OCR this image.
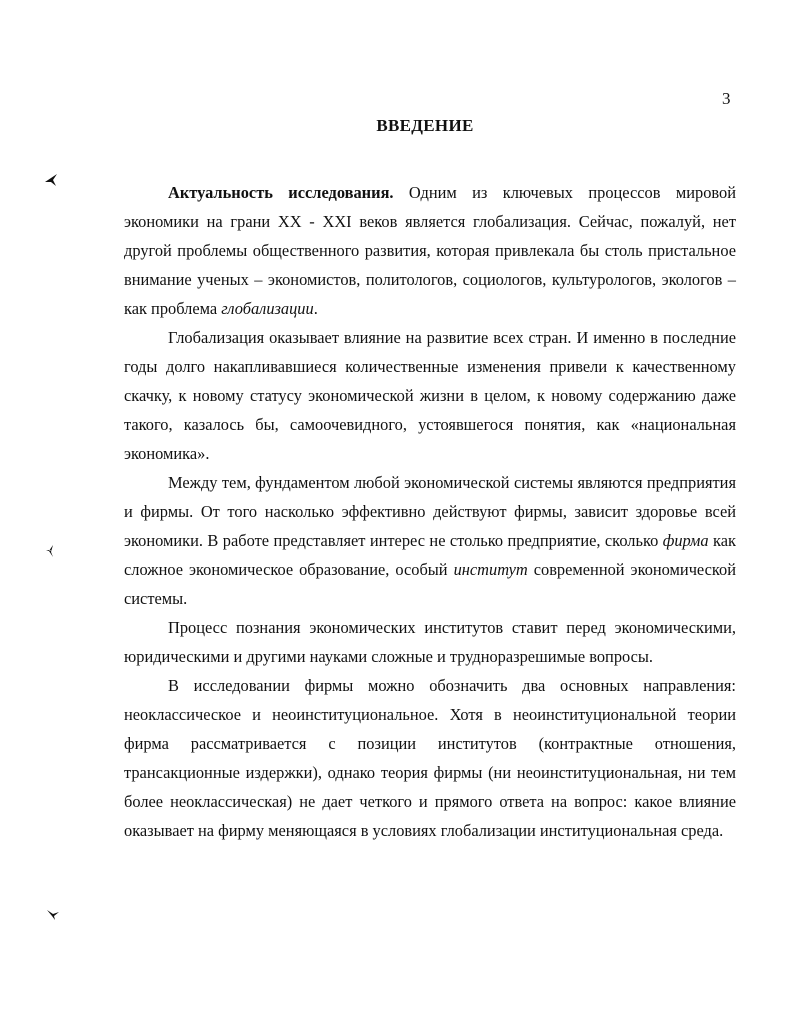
3
ВВЕДЕНИЕ

Актуальность исследования. Одним из ключевых процессов мировой экономики на грани XX - XXI веков является глобализация. Сейчас, пожалуй, нет другой проблемы общественного развития, которая привлекала бы столь пристальное внимание ученых – экономистов, политологов, социологов, культурологов, экологов – как проблема глобализации.

Глобализация оказывает влияние на развитие всех стран. И именно в последние годы долго накапливавшиеся количественные изменения привели к качественному скачку, к новому статусу экономической жизни в целом, к новому содержанию даже такого, казалось бы, самоочевидного, устоявшегося понятия, как «национальная экономика».

Между тем, фундаментом любой экономической системы являются предприятия и фирмы. От того насколько эффективно действуют фирмы, зависит здоровье всей экономики. В работе представляет интерес не столько предприятие, сколько фирма как сложное экономическое образование, особый институт современной экономической системы.

Процесс познания экономических институтов ставит перед экономическими, юридическими и другими науками сложные и трудноразрешимые вопросы.

В исследовании фирмы можно обозначить два основных направления: неоклассическое и неоинституциональное. Хотя в неоинституциональной теории фирма рассматривается с позиции институтов (контрактные отношения, трансакционные издержки), однако теория фирмы (ни неоинституциональная, ни тем более неоклассическая) не дает четкого и прямого ответа на вопрос: какое влияние оказывает на фирму меняющаяся в условиях глобализации институциональная среда.
